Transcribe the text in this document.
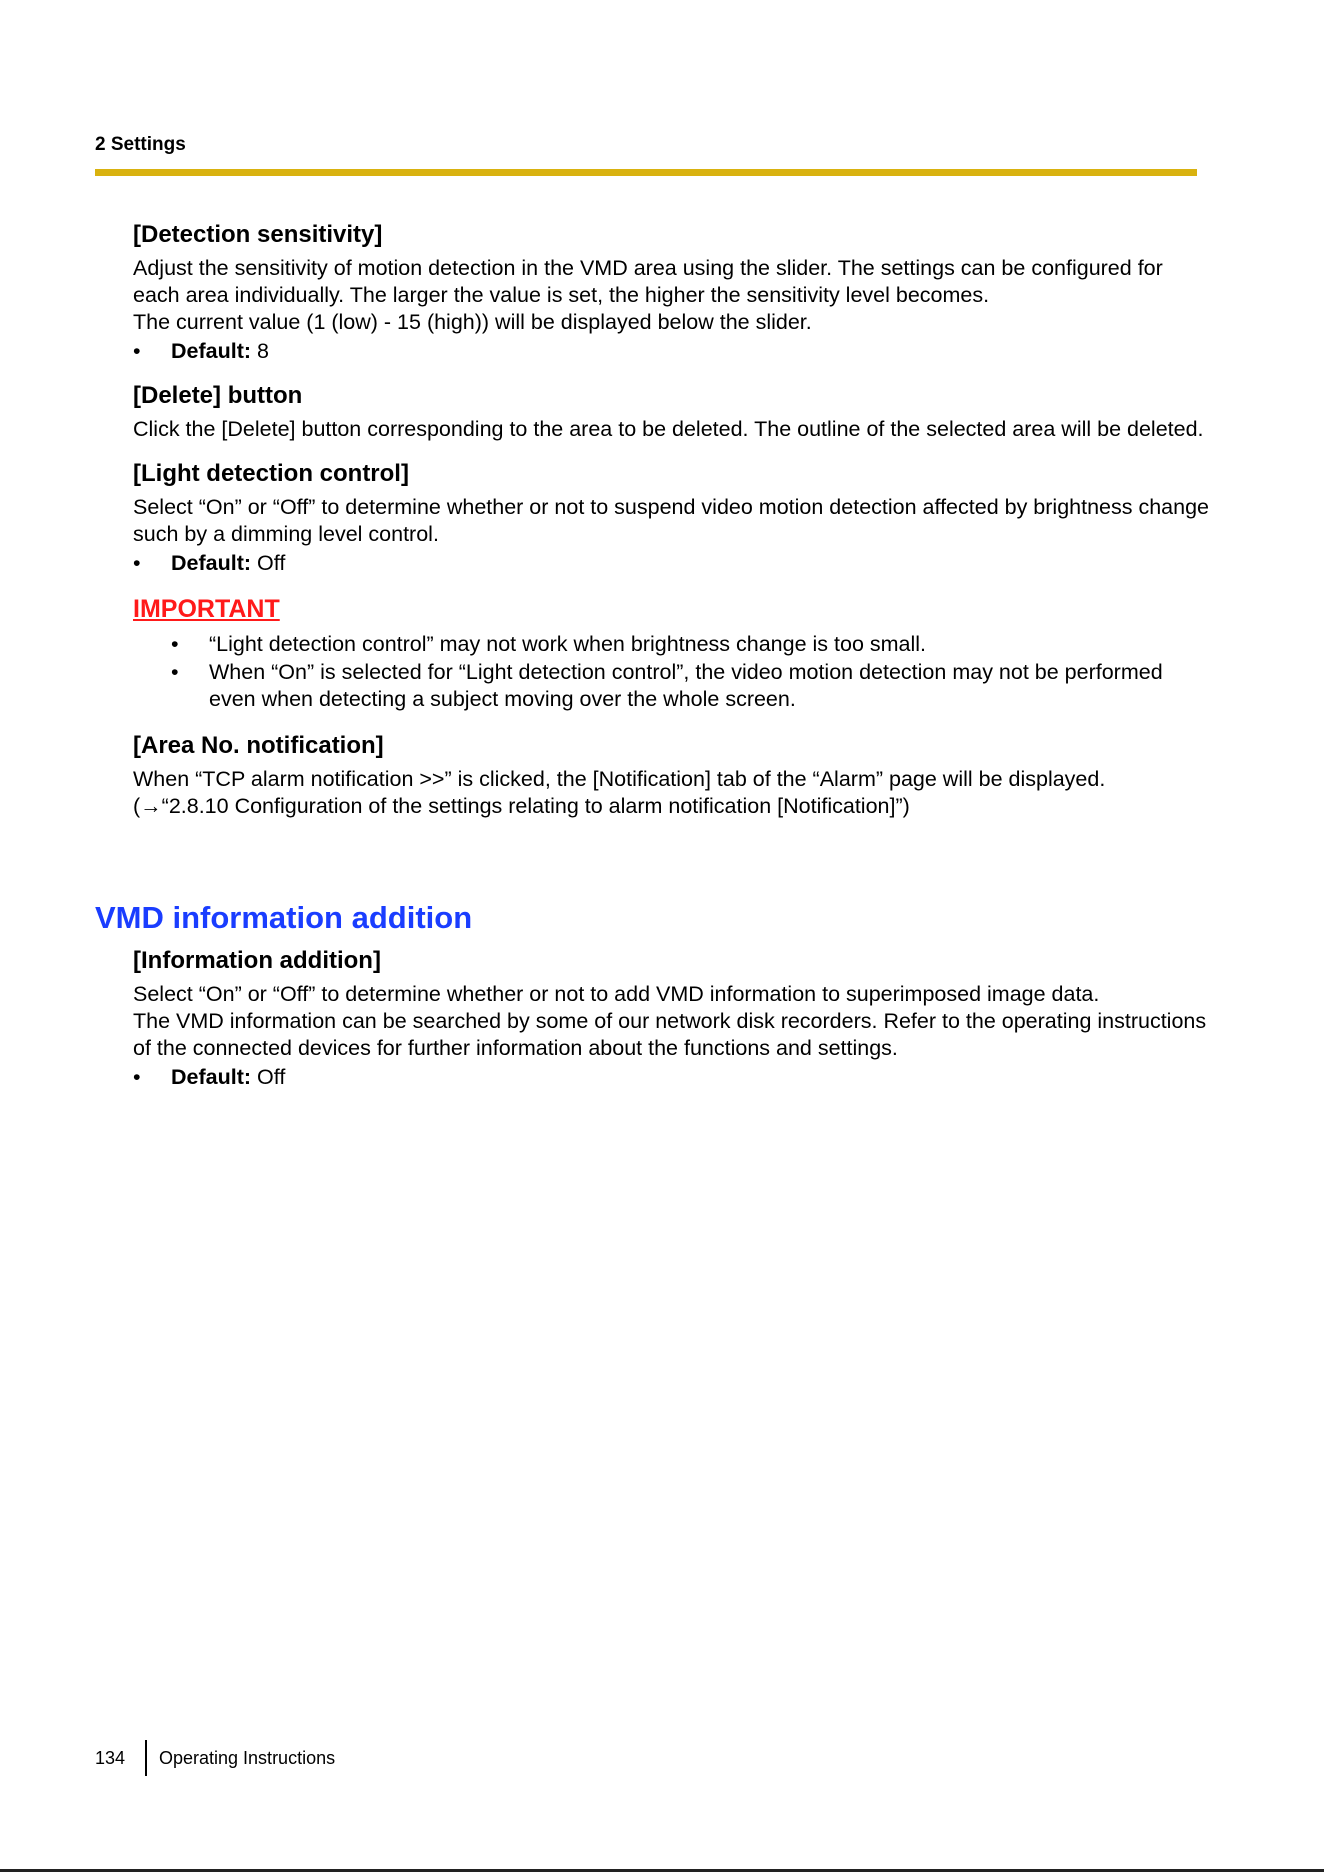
2 Settings
[Detection sensitivity]

Adjust the sensitivity of motion detection in the VMD area using the slider. The settings can be configured for each area individually. The larger the value is set, the higher the sensitivity level becomes.

The current value (1 (low) - 15 (high)) will be displayed below the slider.

• Default: 8
[Delete] button

Click the [Delete] button corresponding to the area to be deleted. The outline of the selected area will be deleted.

[Light detection control]

Select “On” or “Off” to determine whether or not to suspend video motion detection affected by brightness change such by a dimming level control.

• Default: Off
IMPORTANT
• “Light detection control” may not work when brightness change is too small.
• When “On” is selected for “Light detection control”, the video motion detection may not be performed even when detecting a subject moving over the whole screen.
[Area No. notification]

When “TCP alarm notification >>” is clicked, the [Notification] tab of the “Alarm” page will be displayed.

(→“2.8.10 Configuration of the settings relating to alarm notification [Notification]”)

VMD information addition
[Information addition]

Select “On” or “Off” to determine whether or not to add VMD information to superimposed image data.

The VMD information can be searched by some of our network disk recorders. Refer to the operating instructions of the connected devices for further information about the functions and settings.

• Default: Off
134	Operating Instructions
